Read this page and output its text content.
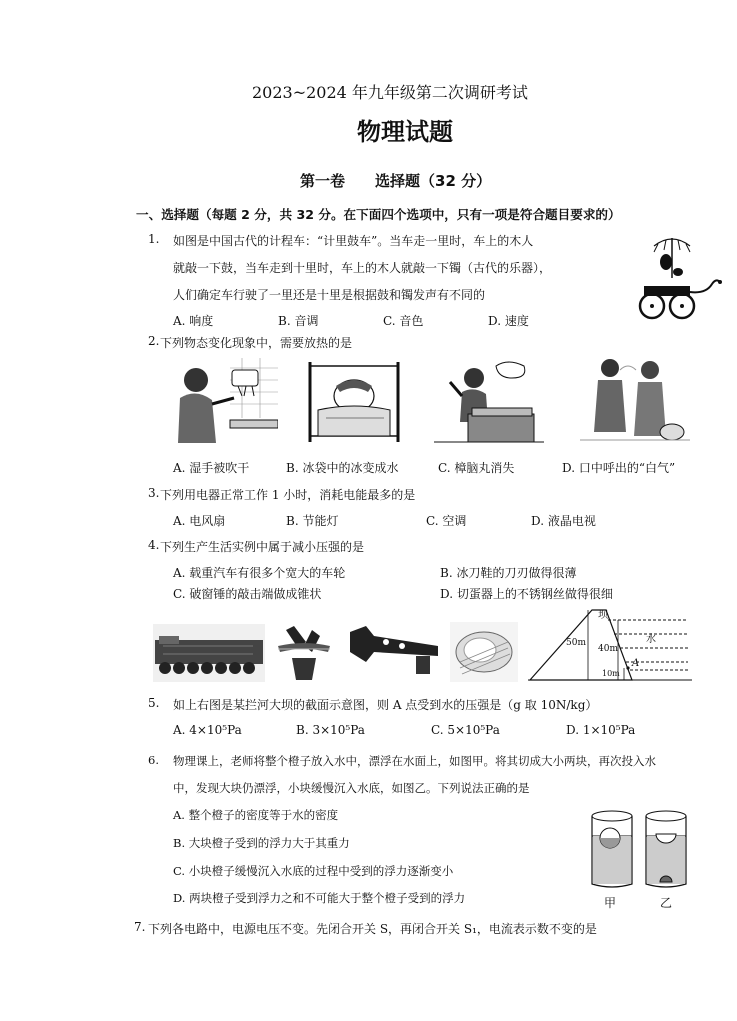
2023~2024 年九年级第二次调研考试
物理试题
第一卷　　选择题（32 分）
一、选择题（每题 2 分，共 32 分。在下面四个选项中，只有一项是符合题目要求的）
1. 如图是中国古代的计程车：“计里鼓车”。当车走一里时，车上的木人
就敲一下鼓，当车走到十里时，车上的木人就敲一下镯（古代的乐器），
人们确定车行驶了一里还是十里是根据鼓和镯发声有不同的
A. 响度	B. 音调	C. 音色	D. 速度
2. 下列物态变化现象中，需要放热的是
A. 湿手被吹干	B. 冰袋中的冰变成水	C. 樟脑丸消失	D. 口中呼出的“白气”
3. 下列用电器正常工作 1 小时，消耗电能最多的是
A. 电风扇	B. 节能灯	C. 空调	D. 液晶电视
4. 下列生产生活实例中属于减小压强的是
A. 载重汽车有很多个宽大的车轮	B. 冰刀鞋的刀刃做得很薄
C. 破窗锤的敲击端做成锥状	D. 切蛋器上的不锈钢丝做得很细
坝
水
50m
40m
10m
A
5. 如上右图是某拦河大坝的截面示意图，则 A 点受到水的压强是（g 取 10N/kg）
A. 4×10⁵Pa	B. 3×10⁵Pa	C. 5×10⁵Pa	D. 1×10⁵Pa
6. 物理课上，老师将整个橙子放入水中，漂浮在水面上，如图甲。将其切成大小两块，再次投入水
中，发现大块仍漂浮，小块缓慢沉入水底，如图乙。下列说法正确的是
A. 整个橙子的密度等于水的密度
B. 大块橙子受到的浮力大于其重力
C. 小块橙子缓慢沉入水底的过程中受到的浮力逐渐变小
D. 两块橙子受到浮力之和不可能大于整个橙子受到的浮力	甲	乙
7. 下列各电路中，电源电压不变。先闭合开关 S，再闭合开关 S₁，电流表示数不变的是
